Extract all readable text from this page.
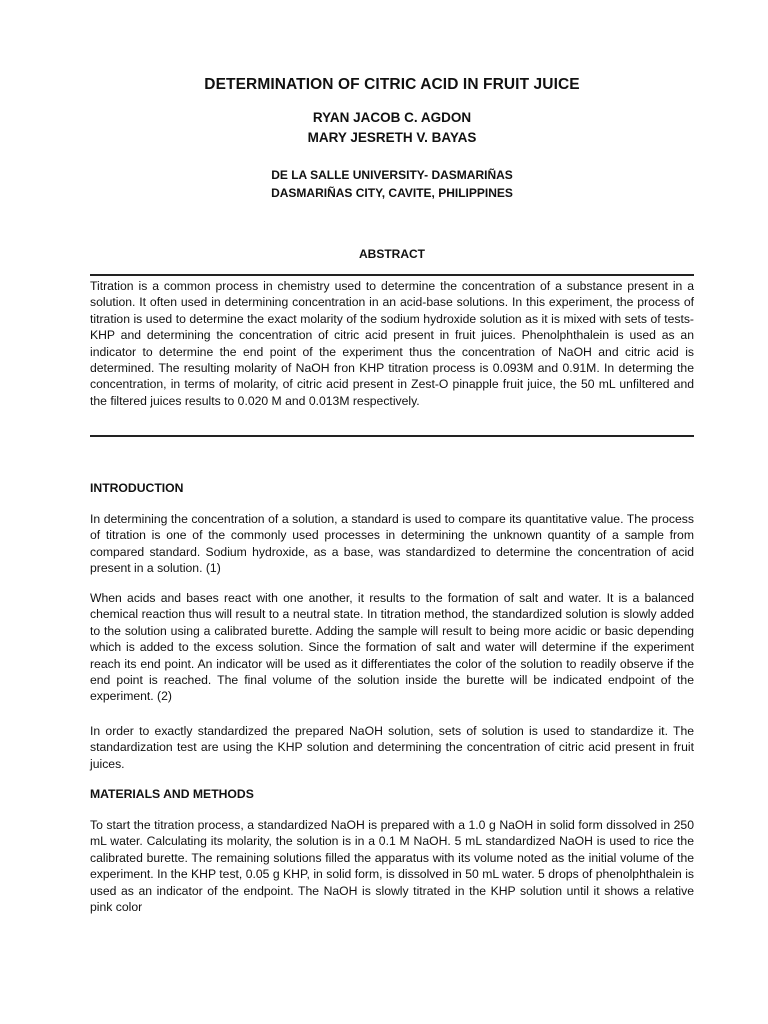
DETERMINATION OF CITRIC ACID IN FRUIT JUICE
RYAN JACOB C. AGDON
MARY JESRETH V. BAYAS
DE LA SALLE UNIVERSITY- DASMARIÑAS
DASMARIÑAS CITY, CAVITE, PHILIPPINES
ABSTRACT

Titration is a common process in chemistry used to determine the concentration of a substance present in a solution. It often used in determining concentration in an acid-base solutions. In this experiment, the process of titration is used to determine the exact molarity of the sodium hydroxide solution as it is mixed with sets of tests- KHP and determining the concentration of citric acid present in fruit juices. Phenolphthalein is used as an indicator to determine the end point of the experiment thus the concentration of NaOH and citric acid is determined. The resulting molarity of NaOH fron KHP titration process is 0.093M and 0.91M. In determing the concentration, in terms of molarity, of citric acid present in Zest-O pinapple fruit juice, the 50 mL unfiltered and the filtered juices results to 0.020 M and 0.013M respectively.

INTRODUCTION

In determining the concentration of a solution, a standard is used to compare its quantitative value. The process of titration is one of the commonly used processes in determining the unknown quantity of a sample from compared standard. Sodium hydroxide, as a base, was standardized to determine the concentration of acid present in a solution. (1)

When acids and bases react with one another, it results to the formation of salt and water. It is a balanced chemical reaction thus will result to a neutral state. In titration method, the standardized solution is slowly added to the solution using a calibrated burette. Adding the sample will result to being more acidic or basic depending which is added to the excess solution. Since the formation of salt and water will determine if the experiment reach its end point. An indicator will be used as it differentiates the color of the solution to readily observe if the end point is reached. The final volume of the solution inside the burette will be indicated endpoint of the experiment. (2)

In order to exactly standardized the prepared NaOH solution, sets of solution is used to standardize it. The standardization test are using the KHP solution and determining the concentration of citric acid present in fruit juices.

MATERIALS AND METHODS

To start the titration process, a standardized NaOH is prepared with a 1.0 g NaOH in solid form dissolved in 250 mL water. Calculating its molarity, the solution is in a 0.1 M NaOH. 5 mL standardized NaOH is used to rice the calibrated burette. The remaining solutions filled the apparatus with its volume noted as the initial volume of the experiment. In the KHP test, 0.05 g KHP, in solid form, is dissolved in 50 mL water. 5 drops of phenolphthalein is used as an indicator of the endpoint. The NaOH is slowly titrated in the KHP solution until it shows a relative pink color
